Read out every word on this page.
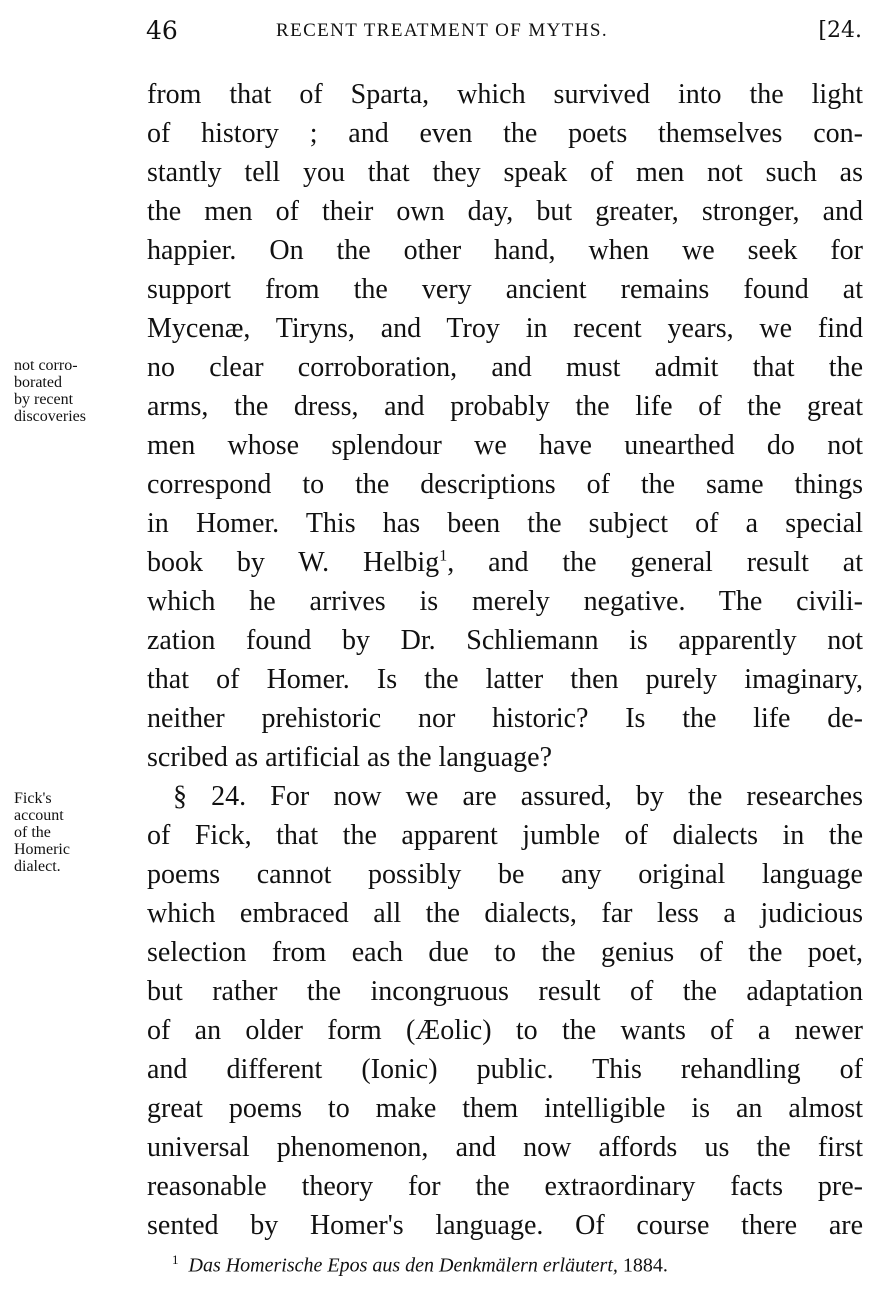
46	RECENT TREATMENT OF MYTHS.	[24.
not corro-
borated
by recent
discoveries
Fick's
account
of the
Homeric
dialect.
from that of Sparta, which survived into the light
of history ; and even the poets themselves con-
stantly tell you that they speak of men not such as
the men of their own day, but greater, stronger, and
happier. On the other hand, when we seek for
support from the very ancient remains found at
Mycenæ, Tiryns, and Troy in recent years, we find
no clear corroboration, and must admit that the
arms, the dress, and probably the life of the great
men whose splendour we have unearthed do not
correspond to the descriptions of the same things
in Homer. This has been the subject of a special
book by W. Helbig$^1$, and the general result at
which he arrives is merely negative. The civili-
zation found by Dr. Schliemann is apparently not
that of Homer. Is the latter then purely imaginary,
neither prehistoric nor historic? Is the life de-
scribed as artificial as the language?
§ 24. For now we are assured, by the researches
of Fick, that the apparent jumble of dialects in the
poems cannot possibly be any original language
which embraced all the dialects, far less a judicious
selection from each due to the genius of the poet,
but rather the incongruous result of the adaptation
of an older form (Æolic) to the wants of a newer
and different (Ionic) public. This rehandling of
great poems to make them intelligible is an almost
universal phenomenon, and now affords us the first
reasonable theory for the extraordinary facts pre-
sented by Homer's language. Of course there are
$^1$ Das Homerische Epos aus den Denkmälern erläutert, 1884.
